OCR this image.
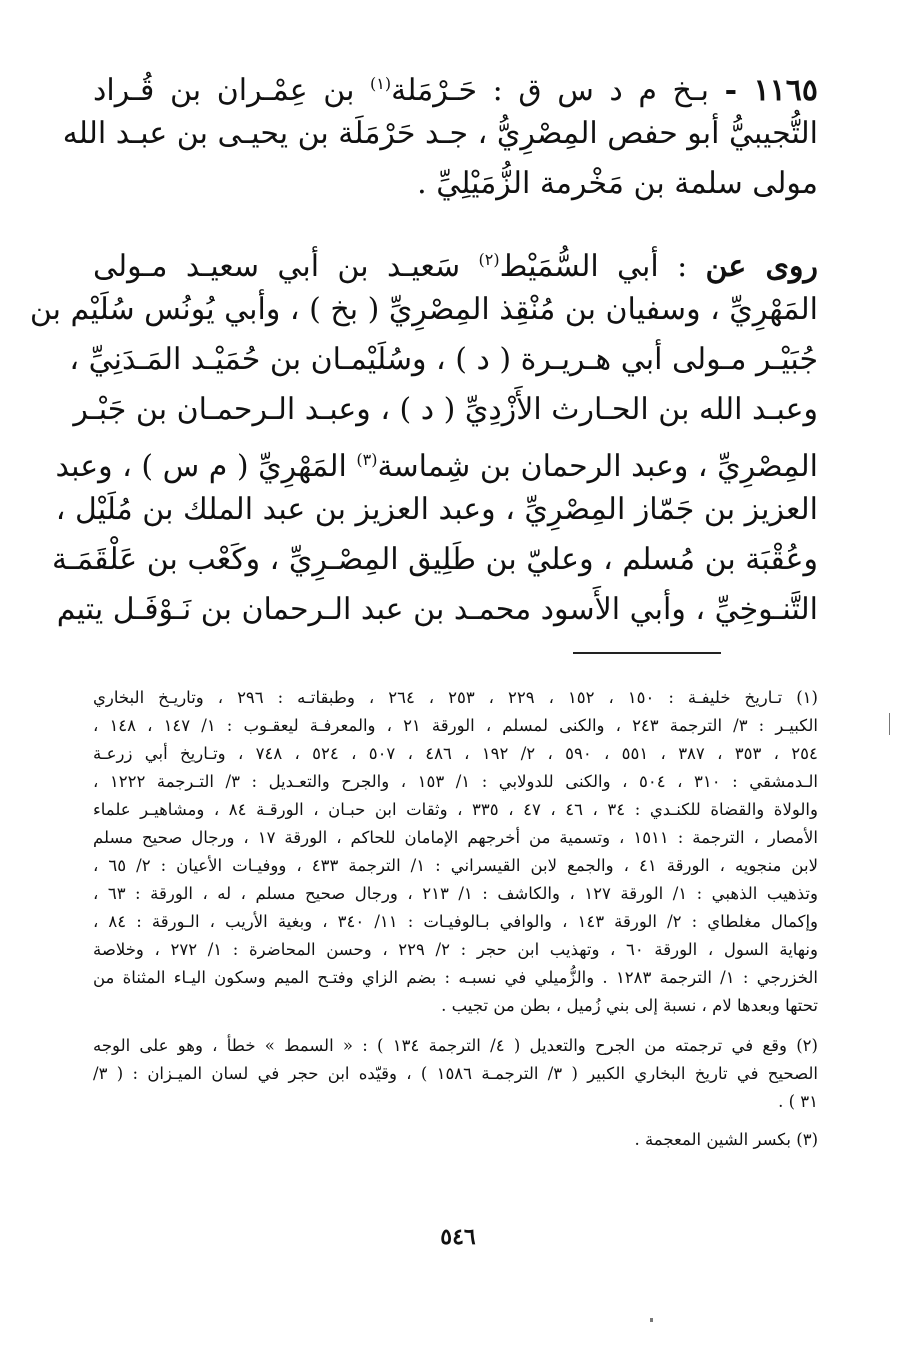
١١٦٥ - بـخ م د س ق : حَـرْمَلة$^{(١)}$ بن عِمْـران بن قُـراد
التُّجيبيُّ أبو حفص المِصْرِيُّ ، جـد حَرْمَلَة بن يحيـى بن عبـد الله
مولى سلمة بن مَخْرمة الزُّمَيْلِيِّ .
روى عن : أبي السُّمَيْط$^{(٢)}$ سَعيـد بن أبي سعيـد مـولى
المَهْرِيِّ ، وسفيان بن مُنْقِذ المِصْرِيِّ ( بخ ) ، وأبي يُونُس سُلَيْم بن
جُبَيْـر مـولى أبي هـريـرة ( د ) ، وسُلَيْمـان بن حُمَيْـد المَـدَنِيِّ ،
وعبـد الله بن الحـارث الأَزْدِيِّ ( د ) ، وعبـد الـرحمـان بن جَبْـر
المِصْرِيِّ ، وعبد الرحمان بن شِماسة$^{(٣)}$ المَهْرِيِّ ( م س ) ، وعبد
العزيز بن جَمّاز المِصْرِيِّ ، وعبد العزيز بن عبد الملك بن مُلَيْل ،
وعُقْبَة بن مُسلم ، وعليّ بن طَلِيق المِصْـرِيِّ ، وكَعْب بن عَلْقَمَـة
التَّنـوخِيِّ ، وأبي الأَسود محمـد بن عبد الـرحمان بن نَـوْفَـل يتيم
(١) تـاريخ خليفـة : ١٥٠ ، ١٥٢ ، ٢٢٩ ، ٢٥٣ ، ٢٦٤ ، وطبقاتـه : ٢٩٦ ، وتاريـخ البخاري
الكبيـر : ٣/ الترجمة ٢٤٣ ، والكنى لمسلم ، الورقة ٢١ ، والمعرفـة ليعقـوب : ١/ ١٤٧ ، ١٤٨ ،
٢٥٤ ، ٣٥٣ ، ٣٨٧ ، ٥٥١ ، ٥٩٠ ، ٢/ ١٩٢ ، ٤٨٦ ، ٥٠٧ ، ٥٢٤ ، ٧٤٨ ، وتـاريخ أبي زرعـة
الـدمشقي : ٣١٠ ، ٥٠٤ ، والكنى للدولابي : ١/ ١٥٣ ، والجرح والتعـديل : ٣/ التـرجمة ١٢٢٢ ،
والولاة والقضاة للكنـدي : ٣٤ ، ٤٦ ، ٤٧ ، ٣٣٥ ، وثقات ابن حبـان ، الورقـة ٨٤ ، ومشاهيـر علماء
الأمصار ، الترجمة : ١٥١١ ، وتسمية من أخرجهم الإمامان للحاكم ، الورقة ١٧ ، ورجال صحيح مسلم
لابن منجويه ، الورقة ٤١ ، والجمع لابن القيسراني : ١/ الترجمة ٤٣٣ ، ووفيـات الأعيان : ٢/ ٦٥ ،
وتذهيب الذهبي : ١/ الورقة ١٢٧ ، والكاشف : ١/ ٢١٣ ، ورجال صحيح مسلم ، له ، الورقة : ٦٣ ،
وإكمال مغلطاي : ٢/ الورقة ١٤٣ ، والوافي بـالوفيـات : ١١/ ٣٤٠ ، وبغية الأريب ، الـورقة : ٨٤ ،
ونهاية السول ، الورقة ٦٠ ، وتهذيب ابن حجر : ٢/ ٢٢٩ ، وحسن المحاضرة : ١/ ٢٧٢ ، وخلاصة
الخزرجي : ١/ الترجمة ١٢٨٣ . والزُّميلي في نسبـه : بضم الزاي وفتـح الميم وسكون اليـاء المثناة من
تحتها وبعدها لام ، نسبة إلى بني زُميل ، بطن من تجيب .
(٢) وقع في ترجمته من الجرح والتعديل ( ٤/ الترجمة ١٣٤ ) : « السمط » خطأ ، وهو على الوجه
الصحيح في تاريخ البخاري الكبير ( ٣/ الترجمـة ١٥٨٦ ) ، وقيّده ابن حجر في لسان الميـزان : ( ٣/
٣١ ) .
(٣) بكسر الشين المعجمة .
٥٤٦
